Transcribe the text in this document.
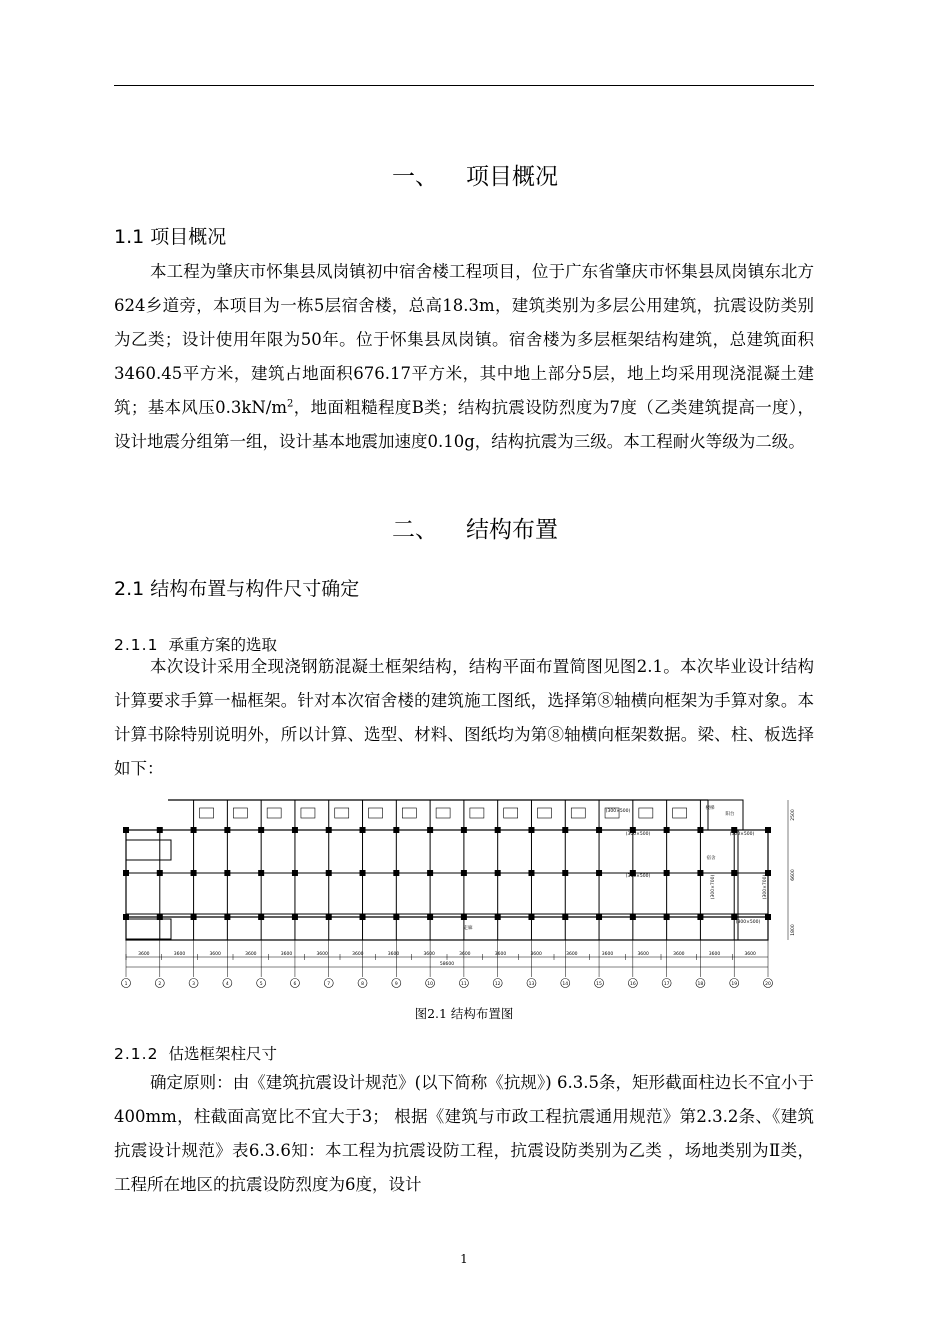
一、 项目概况
1.1 项目概况

本工程为肇庆市怀集县凤岗镇初中宿舍楼工程项目，位于广东省肇庆市怀集县凤岗镇东北方624乡道旁，本项目为一栋5层宿舍楼，总高18.3m，建筑类别为多层公用建筑，抗震设防类别为乙类；设计使用年限为50年。位于怀集县凤岗镇。宿舍楼为多层框架结构建筑，总建筑面积3460.45平方米，建筑占地面积676.17平方米，其中地上部分5层，地上均采用现浇混凝土建筑；基本风压$0.3kN/m^2$，地面粗糙程度B类；结构抗震设防烈度为7度（乙类建筑提高一度），设计地震分组第一组，设计基本地震加速度0.10g，结构抗震为三级。本工程耐火等级为二级。

二、 结构布置
2.1 结构布置与构件尺寸确定
2.1.1 承重方案的选取

本次设计采用全现浇钢筋混凝土框架结构，结构平面布置简图见图2.1。本次毕业设计结构计算要求手算一榀框架。针对本次宿舍楼的建筑施工图纸，选择第⑧轴横向框架为手算对象。本计算书除特别说明外，所以计算、选型、材料、图纸均为第⑧轴横向框架数据。梁、柱、板选择如下：

1	2	3	4	5	6	7	8	9	10	11	12	13	14	15	16	17	18	19	20
3600	3600	3600	3600	3600	3600	3600	3600	3600	3600	3600	3600	3600	3600	3600	3600	3600	3600
58600
(300×500)
(300×500)
(300×500)
(300×500)
(300×700)	(300×700)
(300×500)
楼梯
阳台
宿舍
走廊
2500
6600
1800
图2.1 结构布置图
2.1.2 估选框架柱尺寸

确定原则：由《建筑抗震设计规范》(以下简称《抗规》) 6.3.5条，矩形截面柱边长不宜小于400mm，柱截面高宽比不宜大于3； 根据《建筑与市政工程抗震通用规范》第2.3.2条、《建筑抗震设计规范》表6.3.6知：本工程为抗震设防工程，抗震设防类别为乙类 ，场地类别为Ⅱ类，工程所在地区的抗震设防烈度为6度，设计

1
